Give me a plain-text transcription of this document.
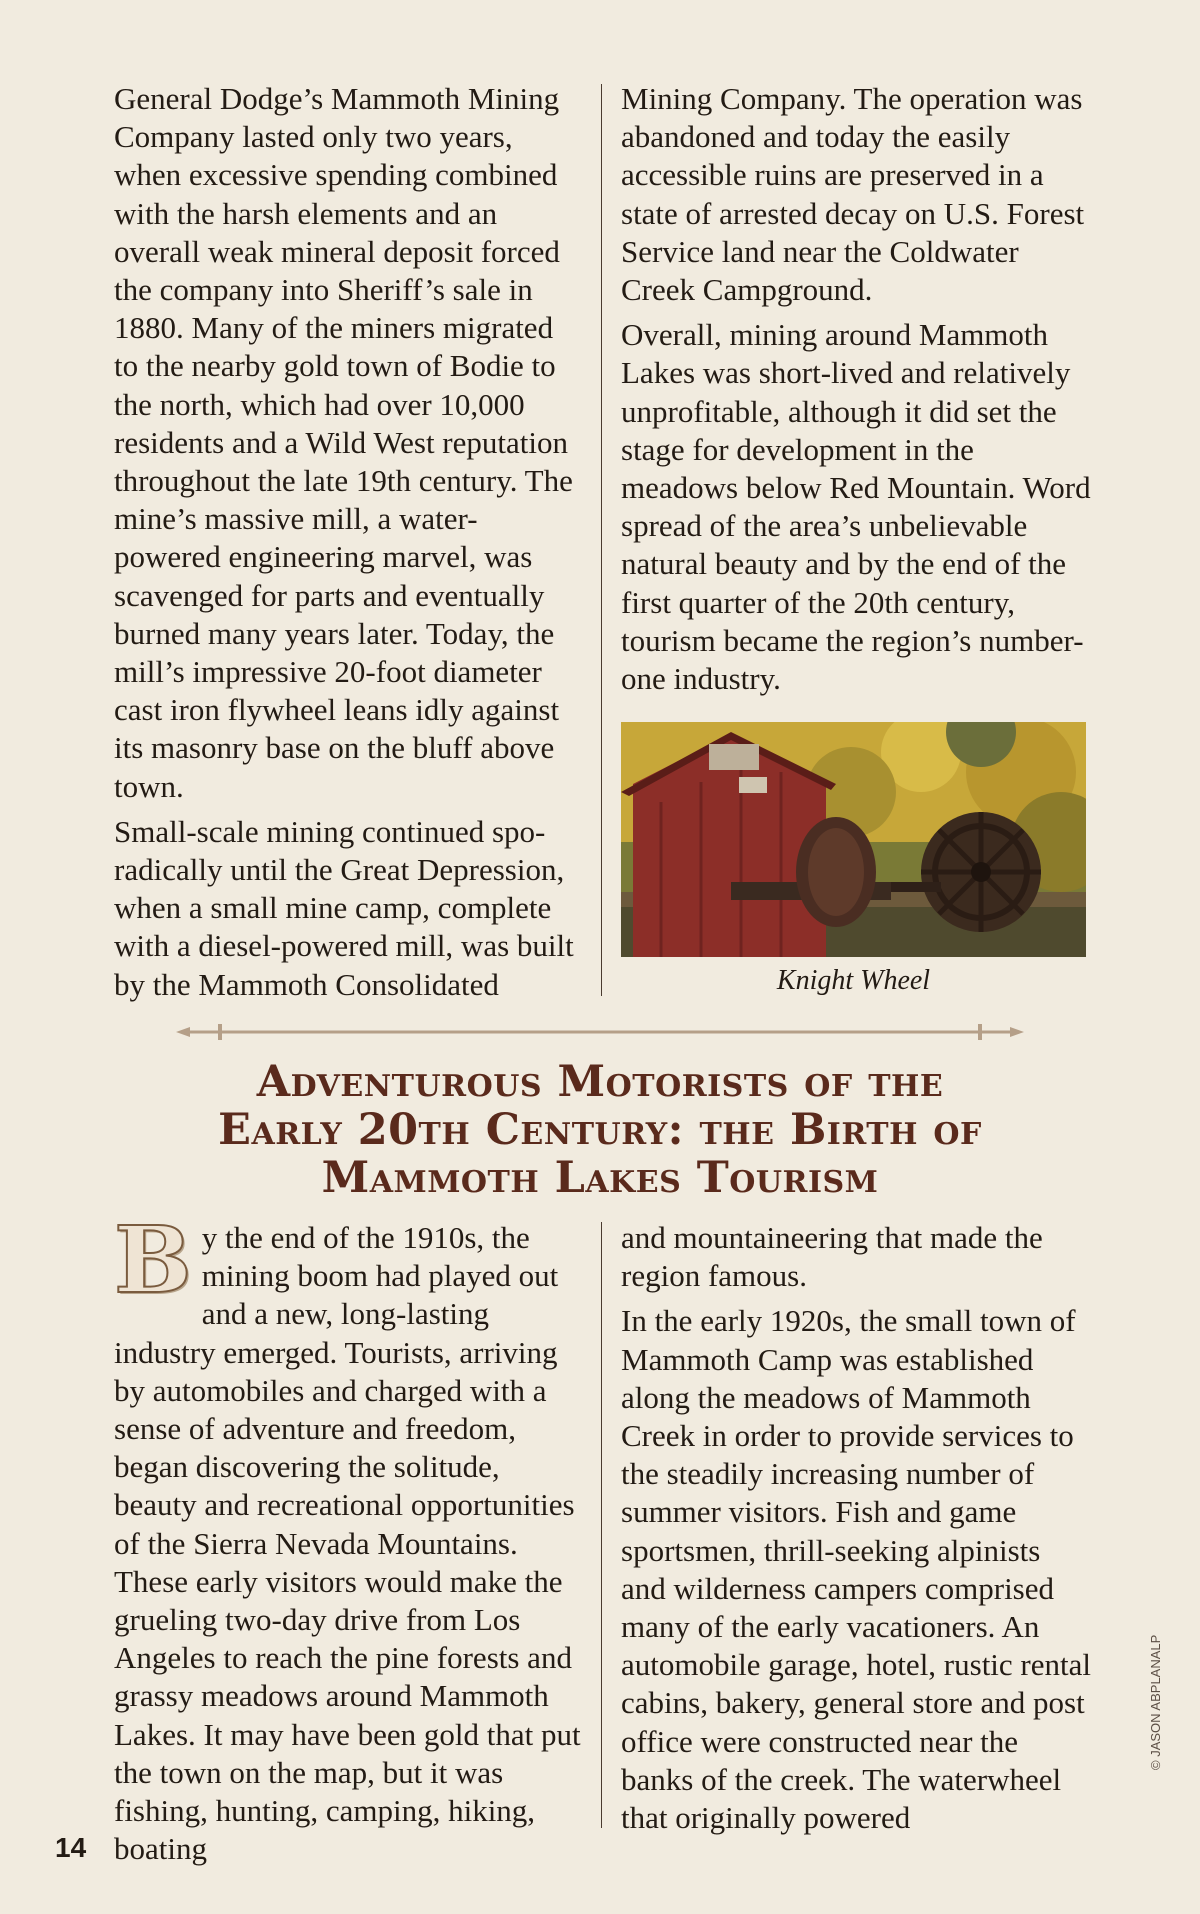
General Dodge’s Mammoth Mining Company lasted only two years, when excessive spending combined with the harsh elements and an overall weak mineral deposit forced the company into Sheriff’s sale in 1880. Many of the miners migrated to the nearby gold town of Bodie to the north, which had over 10,000 residents and a Wild West reputation throughout the late 19th century. The mine’s massive mill, a water-powered engineering marvel, was scavenged for parts and eventually burned many years later. Today, the mill’s impressive 20-foot diameter cast iron flywheel leans idly against its masonry base on the bluff above town.

Small-scale mining continued sporadically until the Great Depression, when a small mine camp, complete with a diesel-powered mill, was built by the Mammoth Consolidated

Mining Company. The operation was abandoned and today the easily accessible ruins are preserved in a state of arrested decay on U.S. Forest Service land near the Coldwater Creek Campground.

Overall, mining around Mammoth Lakes was short-lived and relatively unprofitable, although it did set the stage for development in the meadows below Red Mountain. Word spread of the area’s unbelievable natural beauty and by the end of the first quarter of the 20th century, tourism became the region’s number-one industry.

Knight Wheel
Adventurous Motorists of the
Early 20th Century: the Birth of
Mammoth Lakes Tourism

By the end of the 1910s, the mining boom had played out and a new, long-lasting industry emerged. Tourists, arriving by automobiles and charged with a sense of adventure and freedom, began discovering the solitude, beauty and recreational opportunities of the Sierra Nevada Mountains. These early visitors would make the grueling two-day drive from Los Angeles to reach the pine forests and grassy meadows around Mammoth Lakes. It may have been gold that put the town on the map, but it was fishing, hunting, camping, hiking, boating

and mountaineering that made the region famous.

In the early 1920s, the small town of Mammoth Camp was established along the meadows of Mammoth Creek in order to provide services to the steadily increasing number of summer visitors. Fish and game sportsmen, thrill-seeking alpinists and wilderness campers comprised many of the early vacationers. An automobile garage, hotel, rustic rental cabins, bakery, general store and post office were constructed near the banks of the creek. The waterwheel that originally powered

14
© JASON ABPLANALP
